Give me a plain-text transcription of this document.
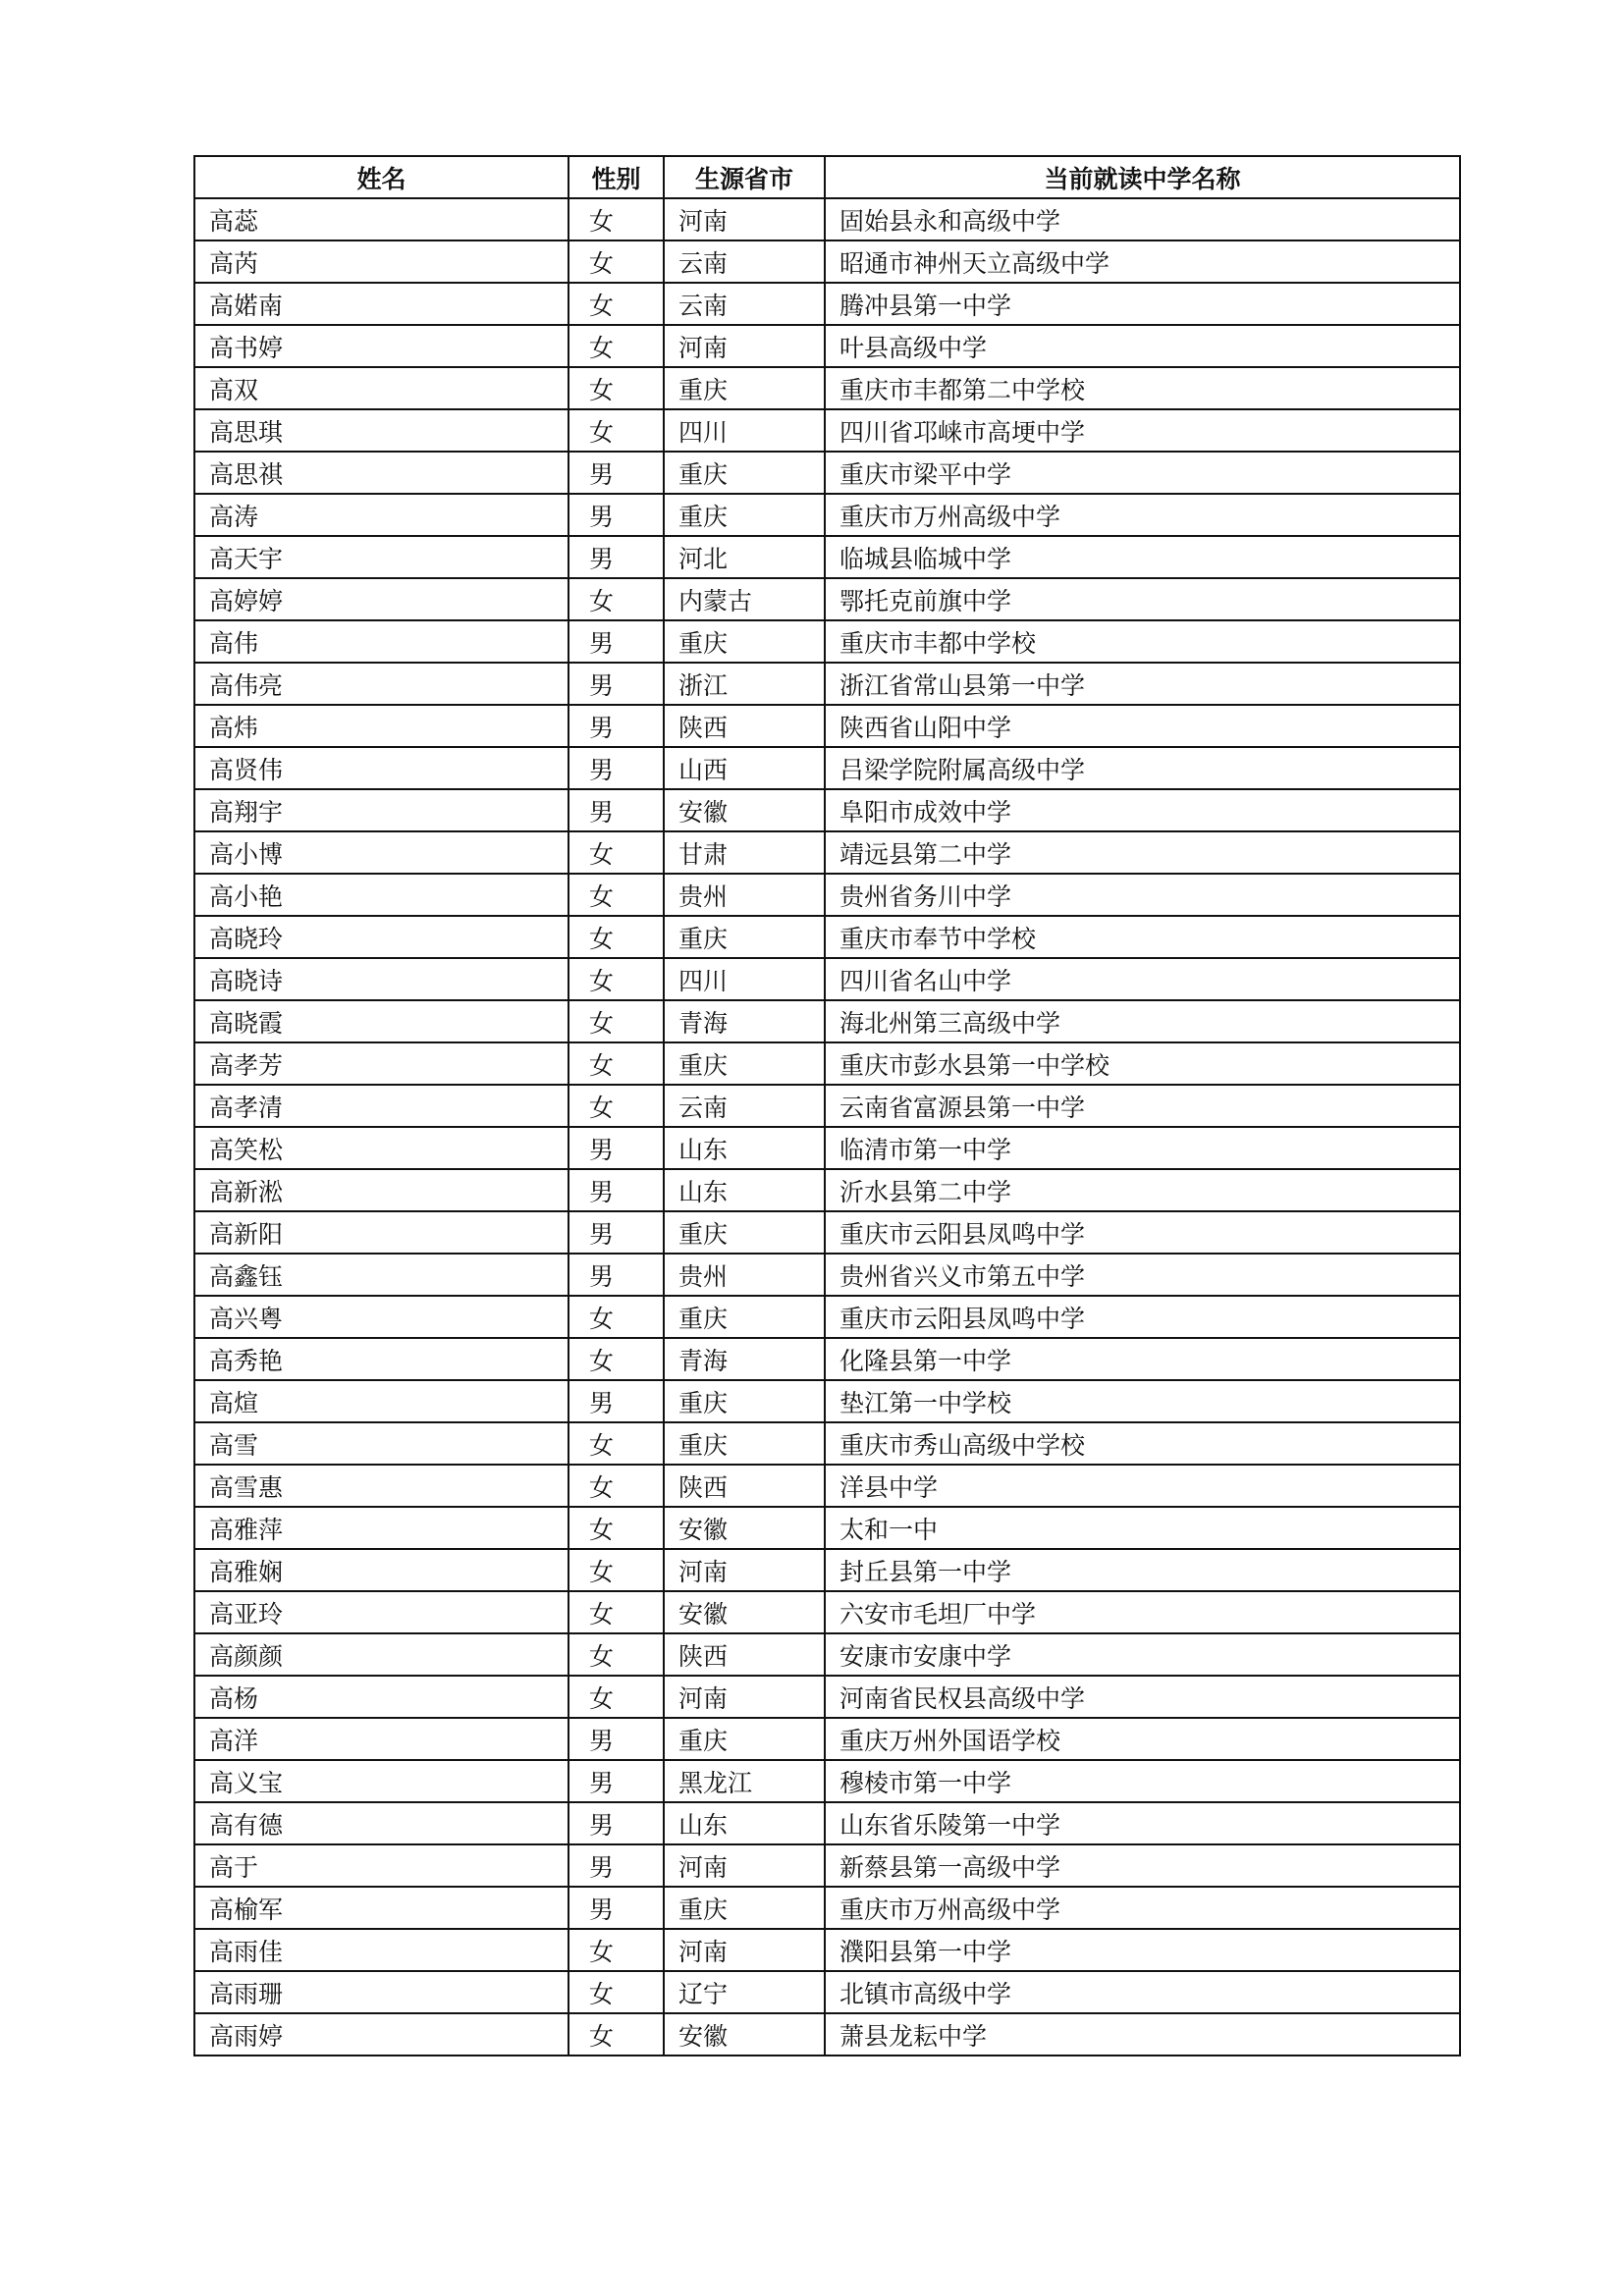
姓名	性别	生源省市	当前就读中学名称
高蕊	女	河南	固始县永和高级中学
高芮	女	云南	昭通市神州天立高级中学
高婼南	女	云南	腾冲县第一中学
高书婷	女	河南	叶县高级中学
高双	女	重庆	重庆市丰都第二中学校
高思琪	女	四川	四川省邛崃市高埂中学
高思祺	男	重庆	重庆市梁平中学
高涛	男	重庆	重庆市万州高级中学
高天宇	男	河北	临城县临城中学
高婷婷	女	内蒙古	鄂托克前旗中学
高伟	男	重庆	重庆市丰都中学校
高伟亮	男	浙江	浙江省常山县第一中学
高炜	男	陕西	陕西省山阳中学
高贤伟	男	山西	吕梁学院附属高级中学
高翔宇	男	安徽	阜阳市成效中学
高小博	女	甘肃	靖远县第二中学
高小艳	女	贵州	贵州省务川中学
高晓玲	女	重庆	重庆市奉节中学校
高晓诗	女	四川	四川省名山中学
高晓霞	女	青海	海北州第三高级中学
高孝芳	女	重庆	重庆市彭水县第一中学校
高孝清	女	云南	云南省富源县第一中学
高笑松	男	山东	临清市第一中学
高新淞	男	山东	沂水县第二中学
高新阳	男	重庆	重庆市云阳县凤鸣中学
高鑫钰	男	贵州	贵州省兴义市第五中学
高兴粤	女	重庆	重庆市云阳县凤鸣中学
高秀艳	女	青海	化隆县第一中学
高煊	男	重庆	垫江第一中学校
高雪	女	重庆	重庆市秀山高级中学校
高雪惠	女	陕西	洋县中学
高雅萍	女	安徽	太和一中
高雅娴	女	河南	封丘县第一中学
高亚玲	女	安徽	六安市毛坦厂中学
高颜颜	女	陕西	安康市安康中学
高杨	女	河南	河南省民权县高级中学
高洋	男	重庆	重庆万州外国语学校
高义宝	男	黑龙江	穆棱市第一中学
高有德	男	山东	山东省乐陵第一中学
高于	男	河南	新蔡县第一高级中学
高榆军	男	重庆	重庆市万州高级中学
高雨佳	女	河南	濮阳县第一中学
高雨珊	女	辽宁	北镇市高级中学
高雨婷	女	安徽	萧县龙耘中学
